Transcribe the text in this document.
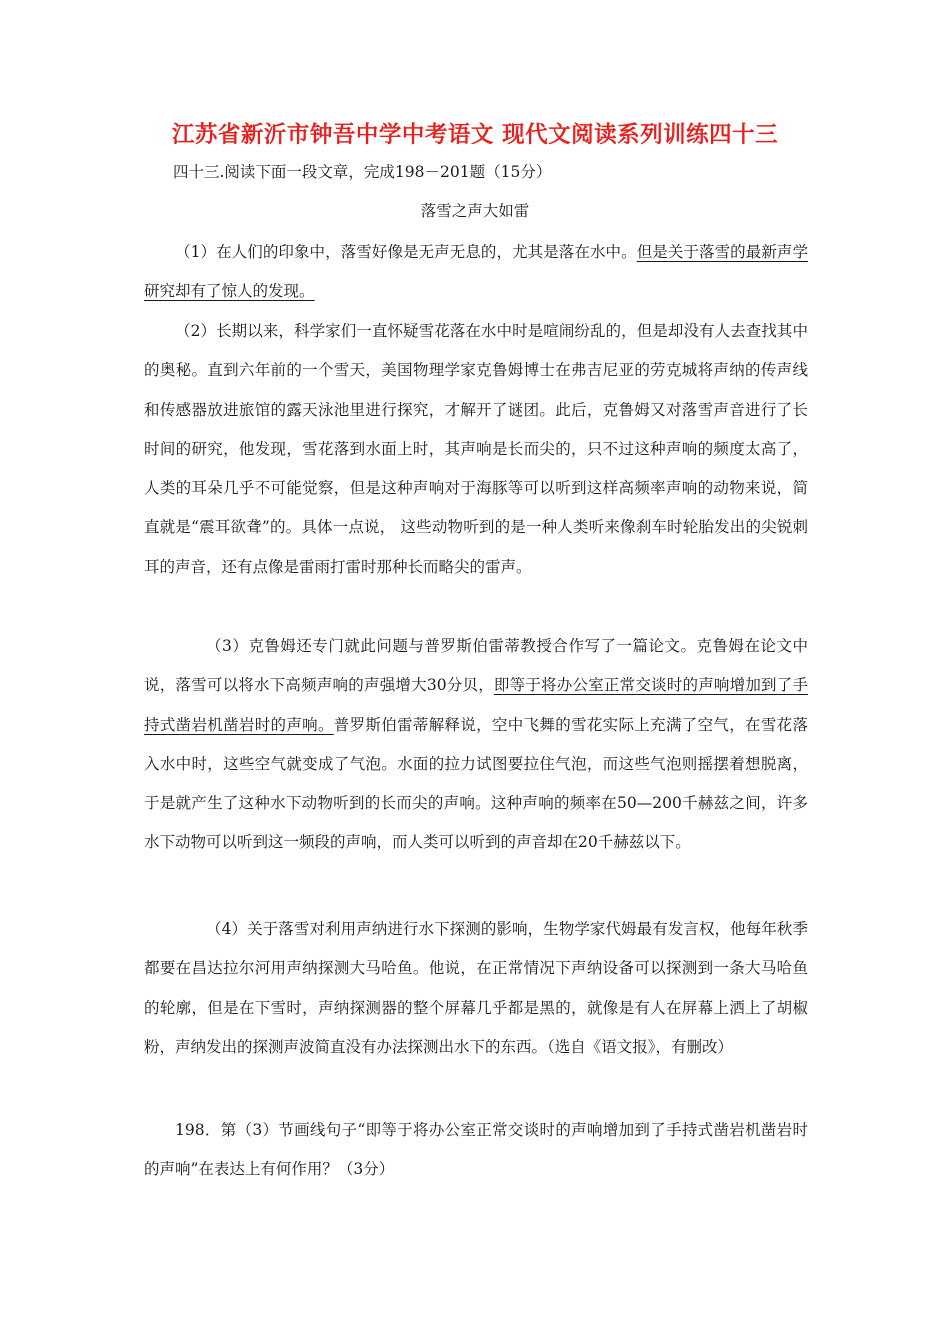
江苏省新沂市钟吾中学中考语文 现代文阅读系列训练四十三
四十三.阅读下面一段文章，完成198－201题（15分）
落雪之声大如雷

（1）在人们的印象中，落雪好像是无声无息的，尤其是落在水中。但是关于落雪的最新声学研究却有了惊人的发现。

（2）长期以来，科学家们一直怀疑雪花落在水中时是喧闹纷乱的，但是却没有人去查找其中的奥秘。直到六年前的一个雪天，美国物理学家克鲁姆博士在弗吉尼亚的劳克城将声纳的传声线和传感器放进旅馆的露天泳池里进行探究，才解开了谜团。此后，克鲁姆又对落雪声音进行了长时间的研究，他发现，雪花落到水面上时，其声响是长而尖的，只不过这种声响的频度太高了，人类的耳朵几乎不可能觉察，但是这种声响对于海豚等可以听到这样高频率声响的动物来说，简直就是“震耳欲聋”的。具体一点说， 这些动物听到的是一种人类听来像刹车时轮胎发出的尖锐刺耳的声音，还有点像是雷雨打雷时那种长而略尖的雷声。

（3）克鲁姆还专门就此问题与普罗斯伯雷蒂教授合作写了一篇论文。克鲁姆在论文中说，落雪可以将水下高频声响的声强增大30分贝，即等于将办公室正常交谈时的声响增加到了手持式凿岩机凿岩时的声响。普罗斯伯雷蒂解释说，空中飞舞的雪花实际上充满了空气，在雪花落入水中时，这些空气就变成了气泡。水面的拉力试图要拉住气泡，而这些气泡则摇摆着想脱离，于是就产生了这种水下动物听到的长而尖的声响。这种声响的频率在50—200千赫兹之间，许多水下动物可以听到这一频段的声响，而人类可以听到的声音却在20千赫兹以下。

（4）关于落雪对利用声纳进行水下探测的影响，生物学家代姆最有发言权，他每年秋季都要在昌达拉尔河用声纳探测大马哈鱼。他说，在正常情况下声纳设备可以探测到一条大马哈鱼的轮廓，但是在下雪时，声纳探测器的整个屏幕几乎都是黑的，就像是有人在屏幕上洒上了胡椒粉，声纳发出的探测声波简直没有办法探测出水下的东西。（选自《语文报》，有删改）

198．第（3）节画线句子“即等于将办公室正常交谈时的声响增加到了手持式凿岩机凿岩时的声响”在表达上有何作用？（3分）
